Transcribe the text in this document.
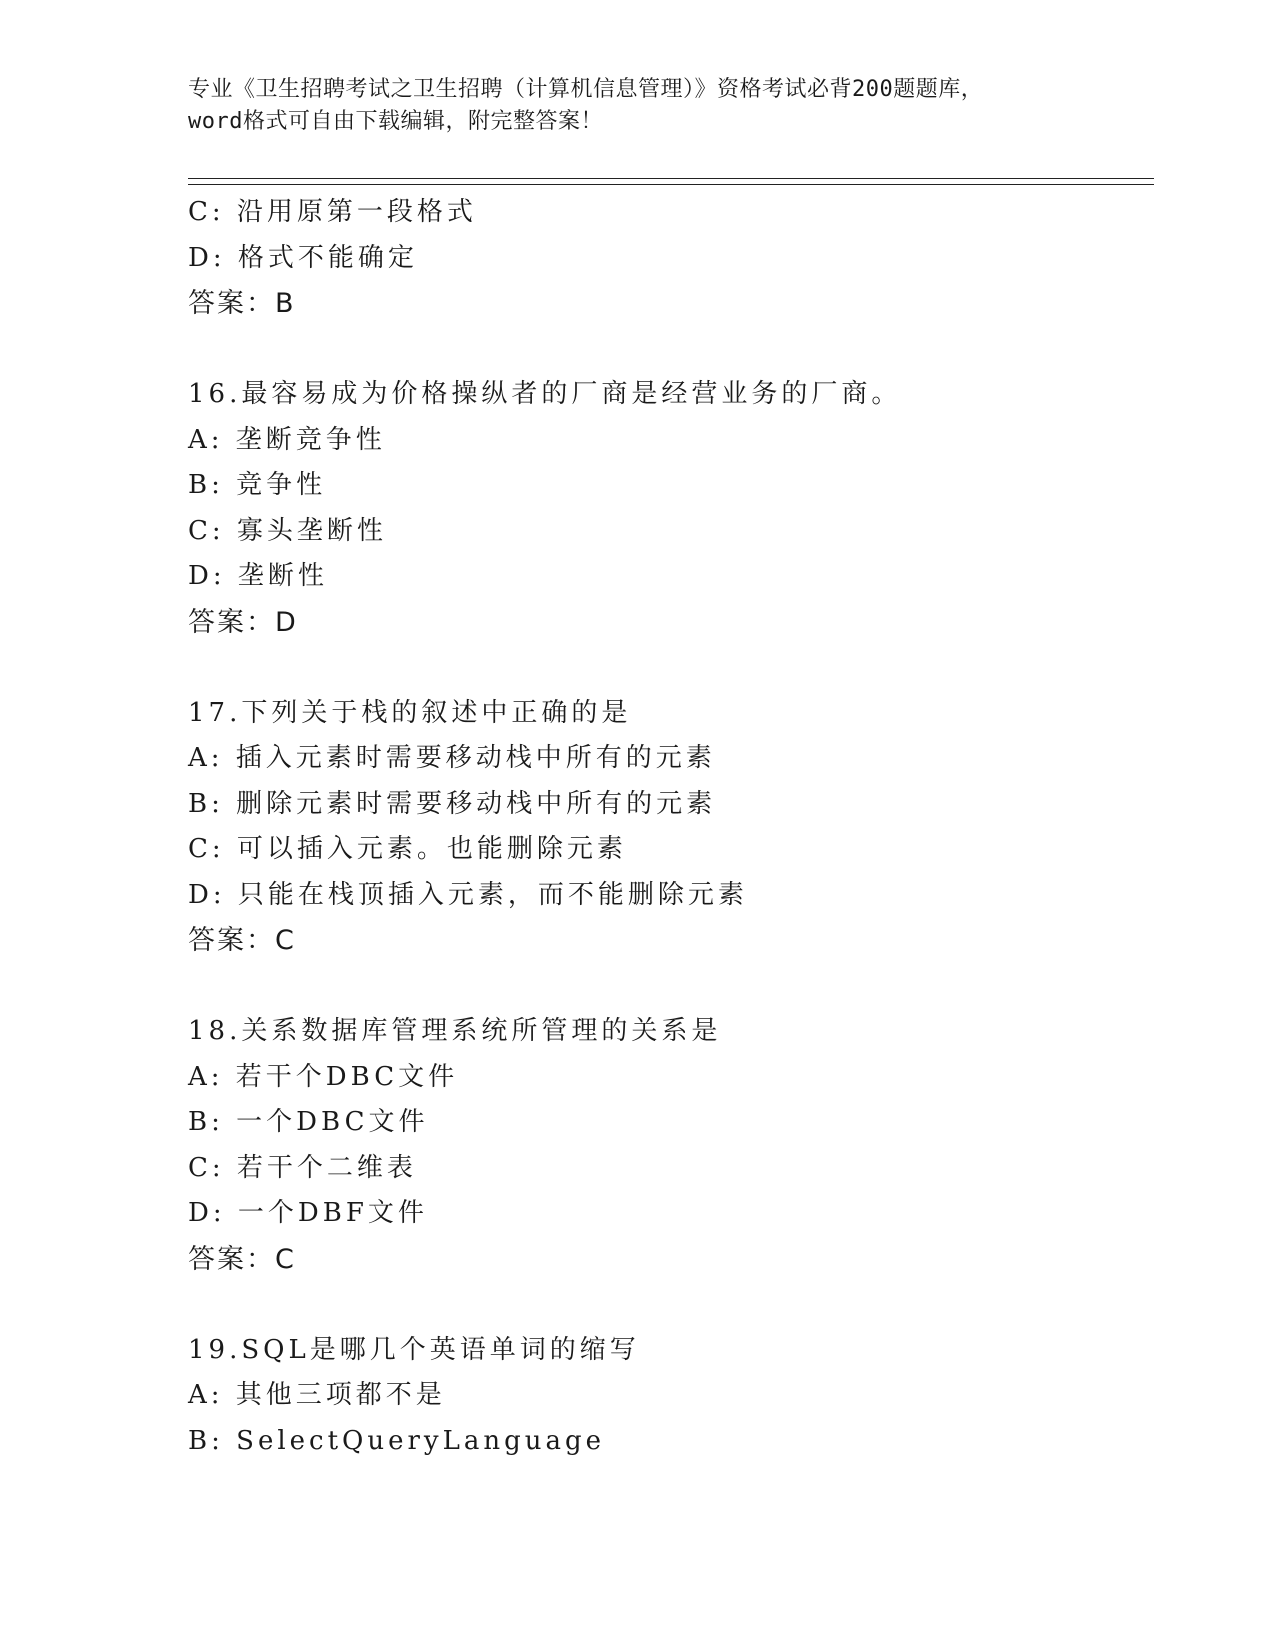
专业《卫生招聘考试之卫生招聘（计算机信息管理）》资格考试必背200题题库，
word格式可自由下载编辑，附完整答案！
C: 沿用原第一段格式
D: 格式不能确定
答案：B
16.最容易成为价格操纵者的厂商是经营业务的厂商。
A: 垄断竞争性
B: 竞争性
C: 寡头垄断性
D: 垄断性
答案：D
17.下列关于栈的叙述中正确的是
A: 插入元素时需要移动栈中所有的元素
B: 删除元素时需要移动栈中所有的元素
C: 可以插入元素。也能删除元素
D: 只能在栈顶插入元素，而不能删除元素
答案：C
18.关系数据库管理系统所管理的关系是
A: 若干个DBC文件
B: 一个DBC文件
C: 若干个二维表
D: 一个DBF文件
答案：C
19.SQL是哪几个英语单词的缩写
A: 其他三项都不是
B: SelectQueryLanguage
